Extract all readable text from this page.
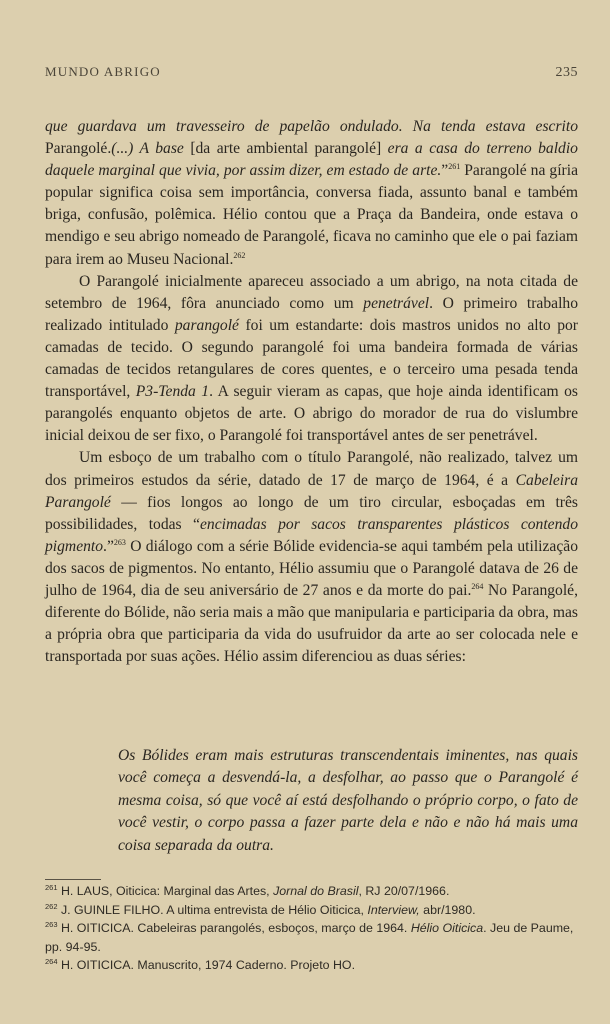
MUNDO ABRIGO	235

que guardava um travesseiro de papelão ondulado. Na tenda estava escrito Parangolé.(...) A base [da arte ambiental parangolé] era a casa do terreno baldio daquele marginal que vivia, por assim dizer, em estado de arte.”$^{261}$ Parangolé na gíria popular significa coisa sem importância, conversa fiada, assunto banal e também briga, confusão, polêmica. Hélio contou que a Praça da Bandeira, onde estava o mendigo e seu abrigo nomeado de Parangolé, ficava no caminho que ele o pai faziam para irem ao Museu Nacional.$^{262}$

O Parangolé inicialmente apareceu associado a um abrigo, na nota citada de setembro de 1964, fôra anunciado como um penetrável. O primeiro trabalho realizado intitulado parangolé foi um estandarte: dois mastros unidos no alto por camadas de tecido. O segundo parangolé foi uma bandeira formada de várias camadas de tecidos retangulares de cores quentes, e o terceiro uma pesada tenda transportável, P3-Tenda 1. A seguir vieram as capas, que hoje ainda identificam os parangolés enquanto objetos de arte. O abrigo do morador de rua do vislumbre inicial deixou de ser fixo, o Parangolé foi transportável antes de ser penetrável.

Um esboço de um trabalho com o título Parangolé, não realizado, talvez um dos primeiros estudos da série, datado de 17 de março de 1964, é a Cabeleira Parangolé — fios longos ao longo de um tiro circular, esboçadas em três possibilidades, todas “encimadas por sacos transparentes plásticos contendo pigmento.”$^{263}$ O diálogo com a série Bólide evidencia-se aqui também pela utilização dos sacos de pigmentos. No entanto, Hélio assumiu que o Parangolé datava de 26 de julho de 1964, dia de seu aniversário de 27 anos e da morte do pai.$^{264}$ No Parangolé, diferente do Bólide, não seria mais a mão que manipularia e participaria da obra, mas a própria obra que participaria da vida do usufruidor da arte ao ser colocada nele e transportada por suas ações. Hélio assim diferenciou as duas séries:

Os Bólides eram mais estruturas transcendentais iminentes, nas quais você começa a desvendá-la, a desfolhar, ao passo que o Parangolé é mesma coisa, só que você aí está desfolhando o próprio corpo, o fato de você vestir, o corpo passa a fazer parte dela e não e não há mais uma coisa separada da outra.

$^{261}$ H. LAUS, Oiticica: Marginal das Artes, Jornal do Brasil, RJ 20/07/1966.

$^{262}$ J. GUINLE FILHO. A ultima entrevista de Hélio Oiticica, Interview, abr/1980.

$^{263}$ H. OITICICA. Cabeleiras parangolés, esboços, março de 1964. Hélio Oiticica. Jeu de Paume, pp. 94-95.

$^{264}$ H. OITICICA. Manuscrito, 1974 Caderno. Projeto HO.
